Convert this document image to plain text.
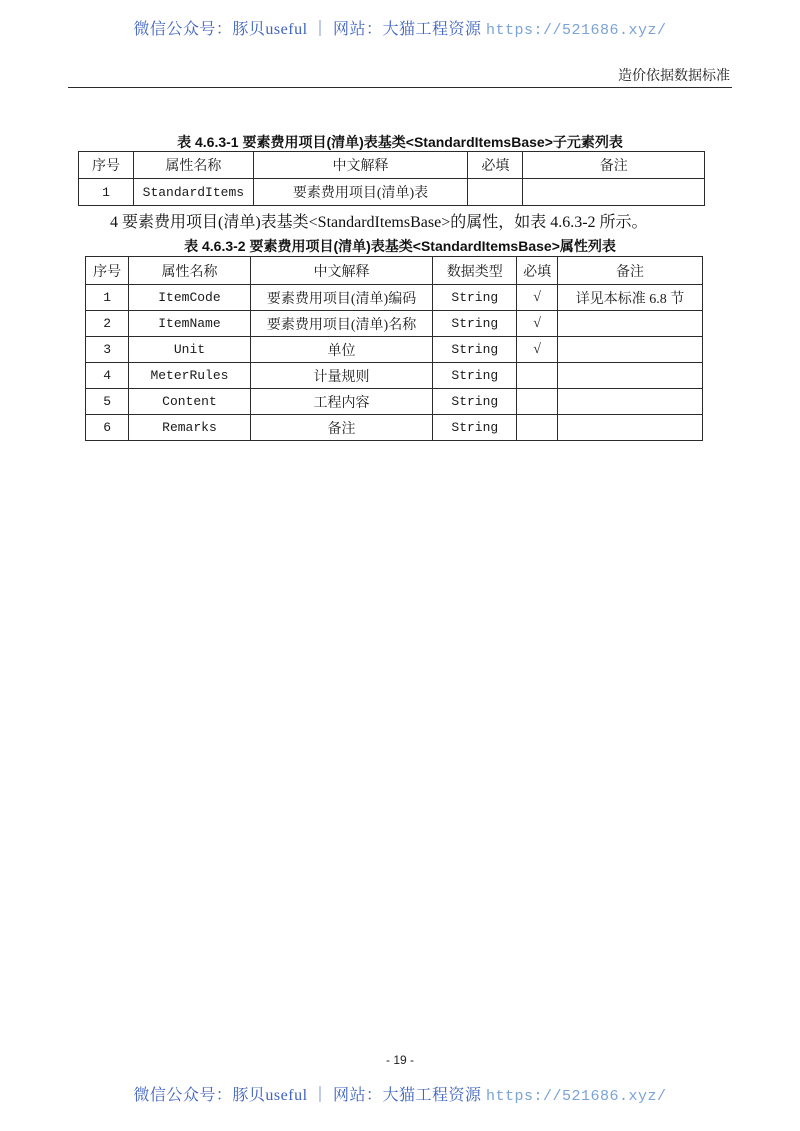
微信公众号：豚贝useful ｜ 网站：大猫工程资源 https://521686.xyz/
造价依据数据标准
表 4.6.3-1 要素费用项目(清单)表基类<StandardItemsBase>子元素列表
序号	属性名称	中文解释	必填	备注
1	StandardItems	要素费用项目(清单)表		
4 要素费用项目(清单)表基类<StandardItemsBase>的属性，如表 4.6.3-2 所示。
表 4.6.3-2 要素费用项目(清单)表基类<StandardItemsBase>属性列表
序号	属性名称	中文解释	数据类型	必填	备注
1	ItemCode	要素费用项目(清单)编码	String	√	详见本标准 6.8 节
2	ItemName	要素费用项目(清单)名称	String	√	
3	Unit	单位	String	√	
4	MeterRules	计量规则	String		
5	Content	工程内容	String		
6	Remarks	备注	String		
- 19 -
微信公众号：豚贝useful ｜ 网站：大猫工程资源 https://521686.xyz/
